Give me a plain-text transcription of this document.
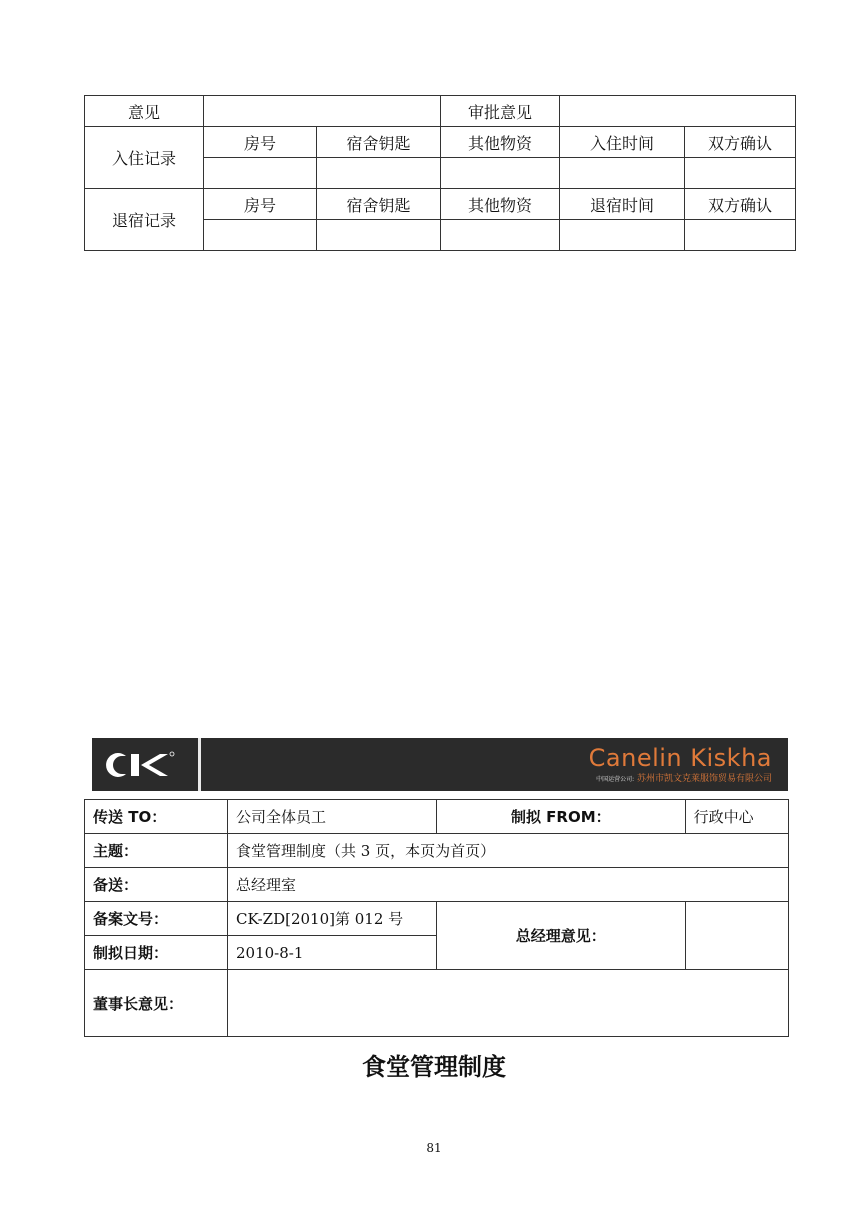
意见			审批意见		
入住记录	房号	宿舍钥匙	其他物资	入住时间	双方确认

退宿记录	房号	宿舍钥匙	其他物资	退宿时间	双方确认

Canelin Kiskha
中国运营公司: 苏州市凯文克莱服饰贸易有限公司
传送 TO：	公司全体员工	制拟 FROM：	行政中心
主题：	食堂管理制度（共 3 页，本页为首页）		
备送：	总经理室		
备案文号：	CK-ZD[2010]第 012 号	总经理意见：	
制拟日期：	2010-8-1		
董事长意见：			
食堂管理制度
81
